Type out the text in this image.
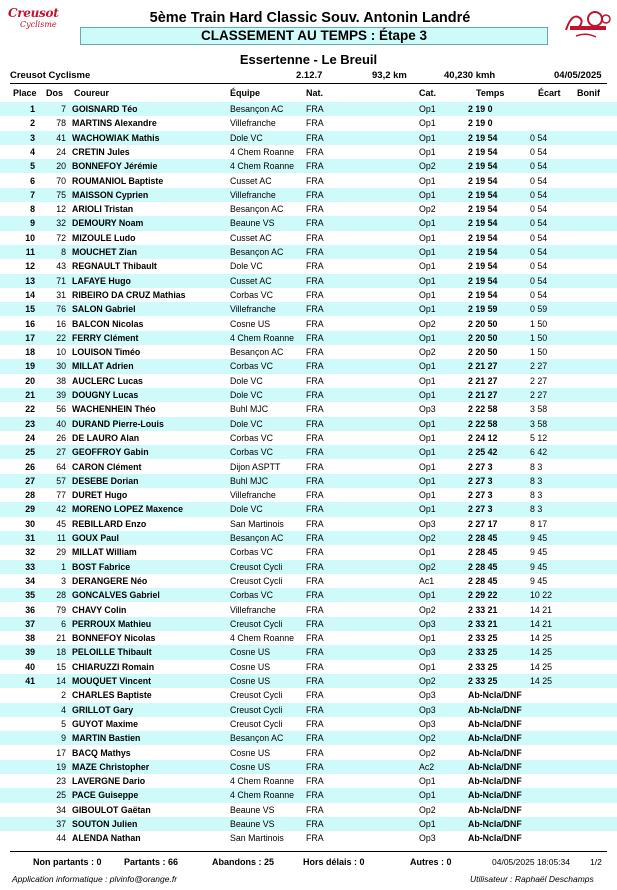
Creusot
Cyclisme	5ème Train Hard Classic Souv. Antonin Landré
CLASSEMENT AU TEMPS : Étape 3
Essertenne - Le Breuil
Creusot Cyclisme	2.12.7	93,2 km	40,230 kmh	04/05/2025
Place Dos Coureur	Équipe	Nat.	Cat.	Temps	Écart Bonif
1	7 GOISNARD Téo	Besançon AC	FRA	Op1	2 19 0
2	78 MARTINS Alexandre	Villefranche	FRA	Op1	2 19 0
3	41 WACHOWIAK Mathis	Dole VC	FRA	Op1	2 19 54	0 54
4	24 CRETIN Jules	4 Chem Roanne FRA	Op1	2 19 54	0 54
5	20 BONNEFOY Jérémie	4 Chem Roanne FRA	Op2	2 19 54	0 54
6	70 ROUMANIOL Baptiste	Cusset AC	FRA	Op1	2 19 54	0 54
7	75 MAISSON Cyprien	Villefranche	FRA	Op1	2 19 54	0 54
8	12 ARIOLI Tristan	Besançon AC	FRA	Op2	2 19 54	0 54
9	32 DEMOURY Noam	Beaune VS	FRA	Op1	2 19 54	0 54
10	72 MIZOULE Ludo	Cusset AC	FRA	Op1	2 19 54	0 54
11	8 MOUCHET Zian	Besançon AC	FRA	Op1	2 19 54	0 54
12	43 REGNAULT Thibault	Dole VC	FRA	Op1	2 19 54	0 54
13	71 LAFAYE Hugo	Cusset AC	FRA	Op1	2 19 54	0 54
14	31 RIBEIRO DA CRUZ Mathias	Corbas VC	FRA	Op1	2 19 54	0 54
15	76 SALON Gabriel	Villefranche	FRA	Op1	2 19 59	0 59
16	16 BALCON Nicolas	Cosne US	FRA	Op2	2 20 50	1 50
17	22 FERRY Clément	4 Chem Roanne FRA	Op1	2 20 50	1 50
18	10 LOUISON Timéo	Besançon AC	FRA	Op2	2 20 50	1 50
19	30 MILLAT Adrien	Corbas VC	FRA	Op1	2 21 27	2 27
20	38 AUCLERC Lucas	Dole VC	FRA	Op1	2 21 27	2 27
21	39 DOUGNY Lucas	Dole VC	FRA	Op1	2 21 27	2 27
22	56 WACHENHEIN Théo	Buhl MJC	FRA	Op3	2 22 58	3 58
23	40 DURAND Pierre-Louis	Dole VC	FRA	Op1	2 22 58	3 58
24	26 DE LAURO Alan	Corbas VC	FRA	Op1	2 24 12	5 12
25	27 GEOFFROY Gabin	Corbas VC	FRA	Op1	2 25 42	6 42
26	64 CARON Clément	Dijon ASPTT	FRA	Op1	2 27 3	8 3
27	57 DESEBE Dorian	Buhl MJC	FRA	Op1	2 27 3	8 3
28	77 DURET Hugo	Villefranche	FRA	Op1	2 27 3	8 3
29	42 MORENO LOPEZ Maxence	Dole VC	FRA	Op1	2 27 3	8 3
30	45 REBILLARD Enzo	San Martinois	FRA	Op3	2 27 17	8 17
31	11 GOUX Paul	Besançon AC	FRA	Op2	2 28 45	9 45
32	29 MILLAT William	Corbas VC	FRA	Op1	2 28 45	9 45
33	1 BOST Fabrice	Creusot Cycli	FRA	Op2	2 28 45	9 45
34	3 DERANGERE Néo	Creusot Cycli	FRA	Ac1	2 28 45	9 45
35	28 GONCALVES Gabriel	Corbas VC	FRA	Op1	2 29 22	10 22
36	79 CHAVY Colin	Villefranche	FRA	Op2	2 33 21	14 21
37	6 PERROUX Mathieu	Creusot Cycli	FRA	Op3	2 33 21	14 21
38	21 BONNEFOY Nicolas	4 Chem Roanne FRA	Op1	2 33 25	14 25
39	18 PELOILLE Thibault	Cosne US	FRA	Op3	2 33 25	14 25
40	15 CHIARUZZI Romain	Cosne US	FRA	Op1	2 33 25	14 25
41	14 MOUQUET Vincent	Cosne US	FRA	Op2	2 33 25	14 25
2 CHARLES Baptiste	Creusot Cycli	FRA	Op3	Ab-Ncla/DNF
4 GRILLOT Gary	Creusot Cycli	FRA	Op3	Ab-Ncla/DNF
5 GUYOT Maxime	Creusot Cycli	FRA	Op3	Ab-Ncla/DNF
9 MARTIN Bastien	Besançon AC	FRA	Op2	Ab-Ncla/DNF
17 BACQ Mathys	Cosne US	FRA	Op2	Ab-Ncla/DNF
19 MAZE Christopher	Cosne US	FRA	Ac2	Ab-Ncla/DNF
23 LAVERGNE Dario	4 Chem Roanne FRA	Op1	Ab-Ncla/DNF
25 PACE Guiseppe	4 Chem Roanne FRA	Op1	Ab-Ncla/DNF
34 GIBOULOT Gaëtan	Beaune VS	FRA	Op2	Ab-Ncla/DNF
37 SOUTON Julien	Beaune VS	FRA	Op1	Ab-Ncla/DNF
44 ALENDA Nathan	San Martinois	FRA	Op3	Ab-Ncla/DNF
Non partants : 0 Partants : 66	Abandons : 25	Hors délais : 0	Autres : 0	04/05/2025 18:05:34 1/2
Application informatique : plvinfo@orange.fr	Utilisateur : Raphaël Deschamps
